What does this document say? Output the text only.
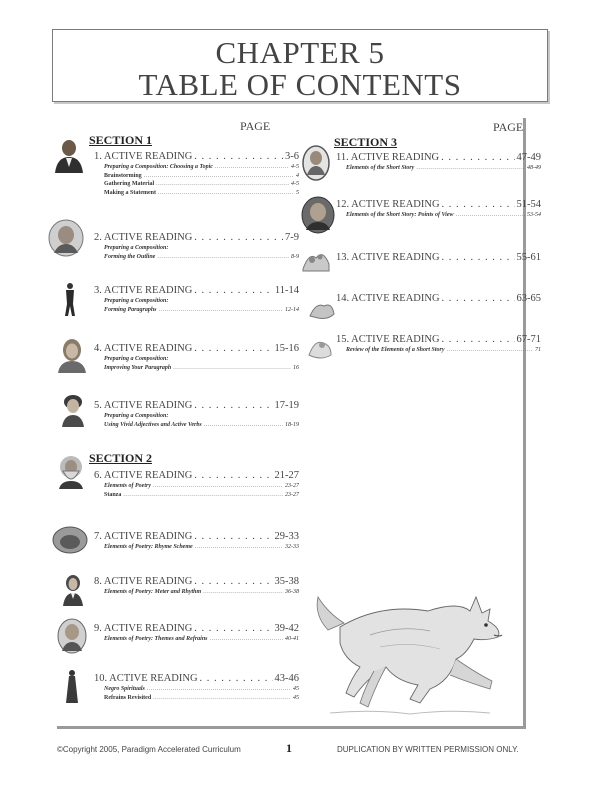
CHAPTER 5
TABLE OF CONTENTS
PAGE	PAGE
SECTION 1
SECTION 2
SECTION 3
1. ACTIVE READING . . .	3-6
Preparing a Composition: Choosing a Topic .....	4-5
Brainstorming .....	4
Gathering Material .....	4-5
Making a Statement .....	5
2. ACTIVE READING . . .	7-9
Preparing a Composition:
Forming the Outline .....	8-9
3. ACTIVE READING . . .	11-14
Preparing a Composition:
Forming Paragraphs .....	12-14
4. ACTIVE READING . . .	15-16
Preparing a Composition:
Improving Your Paragraph .....	16
5. ACTIVE READING . . .	17-19
Preparing a Composition:
Using Vivid Adjectives and Active Verbs .....	18-19
6. ACTIVE READING . . .	21-27
Elements of Poetry .....	23-27
Stanza .....	23-27
7. ACTIVE READING . . .	29-33
Elements of Poetry: Rhyme Scheme .....	32-33
8. ACTIVE READING . . .	35-38
Elements of Poetry: Meter and Rhythm .....	36-38
9. ACTIVE READING . . .	39-42
Elements of Poetry: Themes and Refrains .....	40-41
10. ACTIVE READING . . .	43-46
Negro Spirituals .....	45
Refrains Revisited .....	45
11. ACTIVE READING . . .	47-49
Elements of the Short Story .....	48-49
12. ACTIVE READING . . .	51-54
Elements of the Short Story: Points of View .....	53-54
13. ACTIVE READING . . .	55-61
14. ACTIVE READING . . .	63-65
15. ACTIVE READING . . .	67-71
Review of the Elements of a Short Story .....	71
©Copyright 2005, Paradigm Accelerated Curriculum	1	DUPLICATION BY WRITTEN PERMISSION ONLY.
